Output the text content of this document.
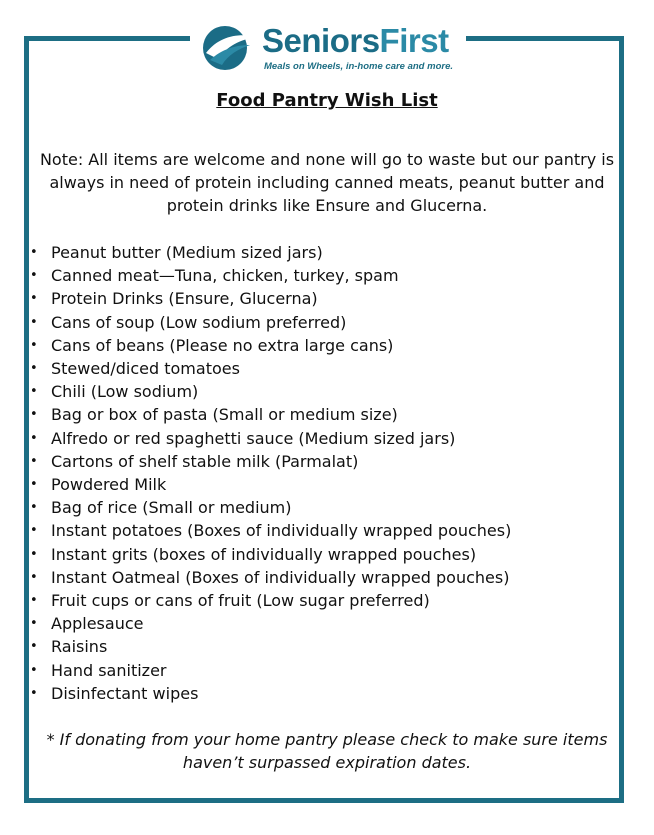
SeniorsFirst
Meals on Wheels, in-home care and more.
Food Pantry Wish List
Note: All items are welcome and none will go to waste but our pantry is always in need of protein including canned meats, peanut butter and protein drinks like Ensure and Glucerna.
• Peanut butter (Medium sized jars)
• Canned meat—Tuna, chicken, turkey, spam
• Protein Drinks (Ensure, Glucerna)
• Cans of soup (Low sodium preferred)
• Cans of beans (Please no extra large cans)
• Stewed/diced tomatoes
• Chili (Low sodium)
• Bag or box of pasta (Small or medium size)
• Alfredo or red spaghetti sauce (Medium sized jars)
• Cartons of shelf stable milk (Parmalat)
• Powdered Milk
• Bag of rice (Small or medium)
• Instant potatoes (Boxes of individually wrapped pouches)
• Instant grits (boxes of individually wrapped pouches)
• Instant Oatmeal (Boxes of individually wrapped pouches)
• Fruit cups or cans of fruit (Low sugar preferred)
• Applesauce
• Raisins
• Hand sanitizer
• Disinfectant wipes
* If donating from your home pantry please check to make sure items haven’t surpassed expiration dates.
